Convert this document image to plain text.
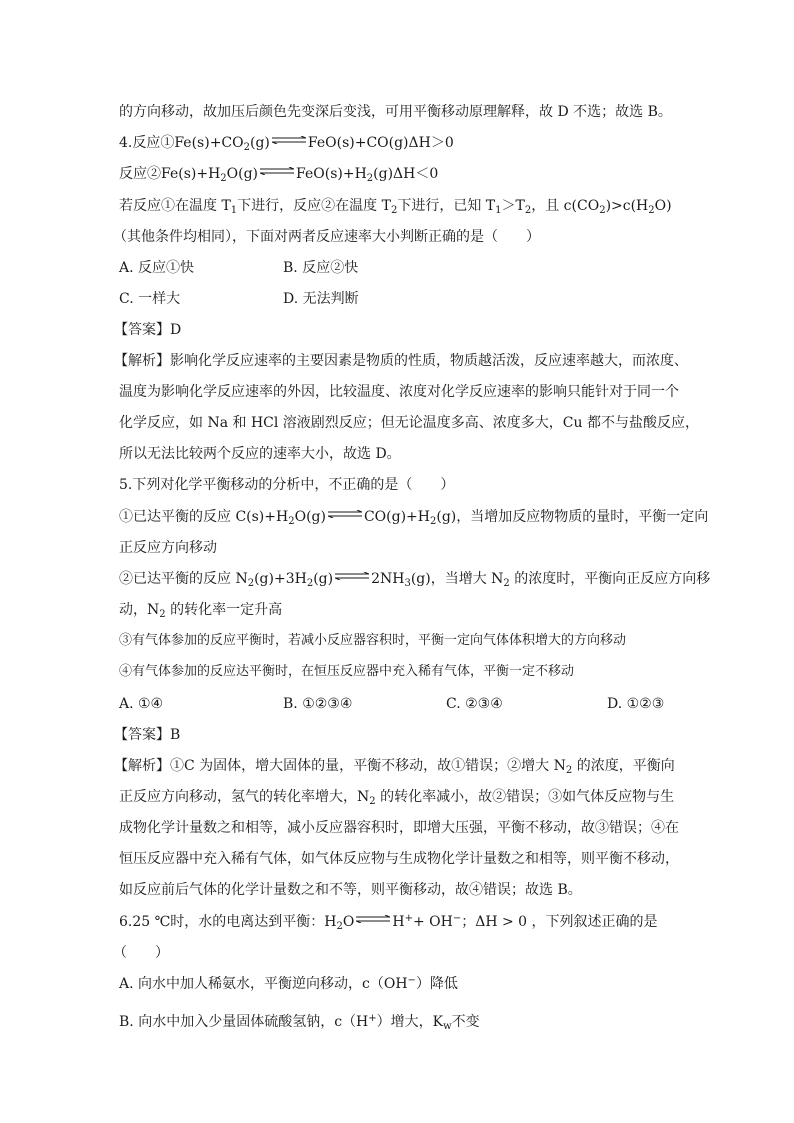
的方向移动，故加压后颜色先变深后变浅，可用平衡移动原理解释，故 D 不选；故选 B。
4.反应$①Fe(s)+CO_2(g)$ ⇌ FeO(s)+CO(g)ΔH＞0
反应$②Fe(s)+H_2O(g)$ ⇌ $FeO(s)+H_2(g)\Delta H<0$
若反应①在温度 $T_1$下进行，反应②在温度 $T_2$下进行，已知 $T_1>T_2$，且 $c(CO_2)>c(H_2O)$
（其他条件均相同），下面对两者反应速率大小判断正确的是（　　）
A. 反应①快	B. 反应②快
C. 一样大	D. 无法判断
【答案】D
【解析】影响化学反应速率的主要因素是物质的性质，物质越活泼，反应速率越大，而浓度、
温度为影响化学反应速率的外因，比较温度、浓度对化学反应速率的影响只能针对于同一个
化学反应，如 Na 和 HCl 溶液剧烈反应；但无论温度多高、浓度多大，Cu 都不与盐酸反应，
所以无法比较两个反应的速率大小，故选 D。
5.下列对化学平衡移动的分析中，不正确的是（　　）
①已达平衡的反应 $C(s)+H_2O(g)$ ⇌ $CO(g)+H_2(g)$，当增加反应物物质的量时，平衡一定向
正反应方向移动
②已达平衡的反应 $N_2(g)+3H_2(g)$ ⇌ $2NH_3(g)$，当增大 $N_2$ 的浓度时，平衡向正反应方向移
动，$N_2$ 的转化率一定升高
③有气体参加的反应平衡时，若减小反应器容积时，平衡一定向气体体积增大的方向移动
④有气体参加的反应达平衡时，在恒压反应器中充入稀有气体，平衡一定不移动
A. ①④	B. ①②③④	C. ②③④	D. ①②③
【答案】B
【解析】①C 为固体，增大固体的量，平衡不移动，故①错误；②增大 $N_2$ 的浓度，平衡向
正反应方向移动，氢气的转化率增大，$N_2$ 的转化率减小，故②错误；③如气体反应物与生
成物化学计量数之和相等，减小反应器容积时，即增大压强，平衡不移动，故③错误；④在
恒压反应器中充入稀有气体，如气体反应物与生成物化学计量数之和相等，则平衡不移动，
如反应前后气体的化学计量数之和不等，则平衡移动，故④错误；故选 B。
6.25 ℃时，水的电离达到平衡：$H_2O$ ⇌ H++ OH−；ΔH > 0 ，下列叙述正确的是
（　　）
A. 向水中加人稀氨水，平衡逆向移动，c（OH−）降低
B. 向水中加入少量固体硫酸氢钠，c（H+）增大，$K_w$不变
